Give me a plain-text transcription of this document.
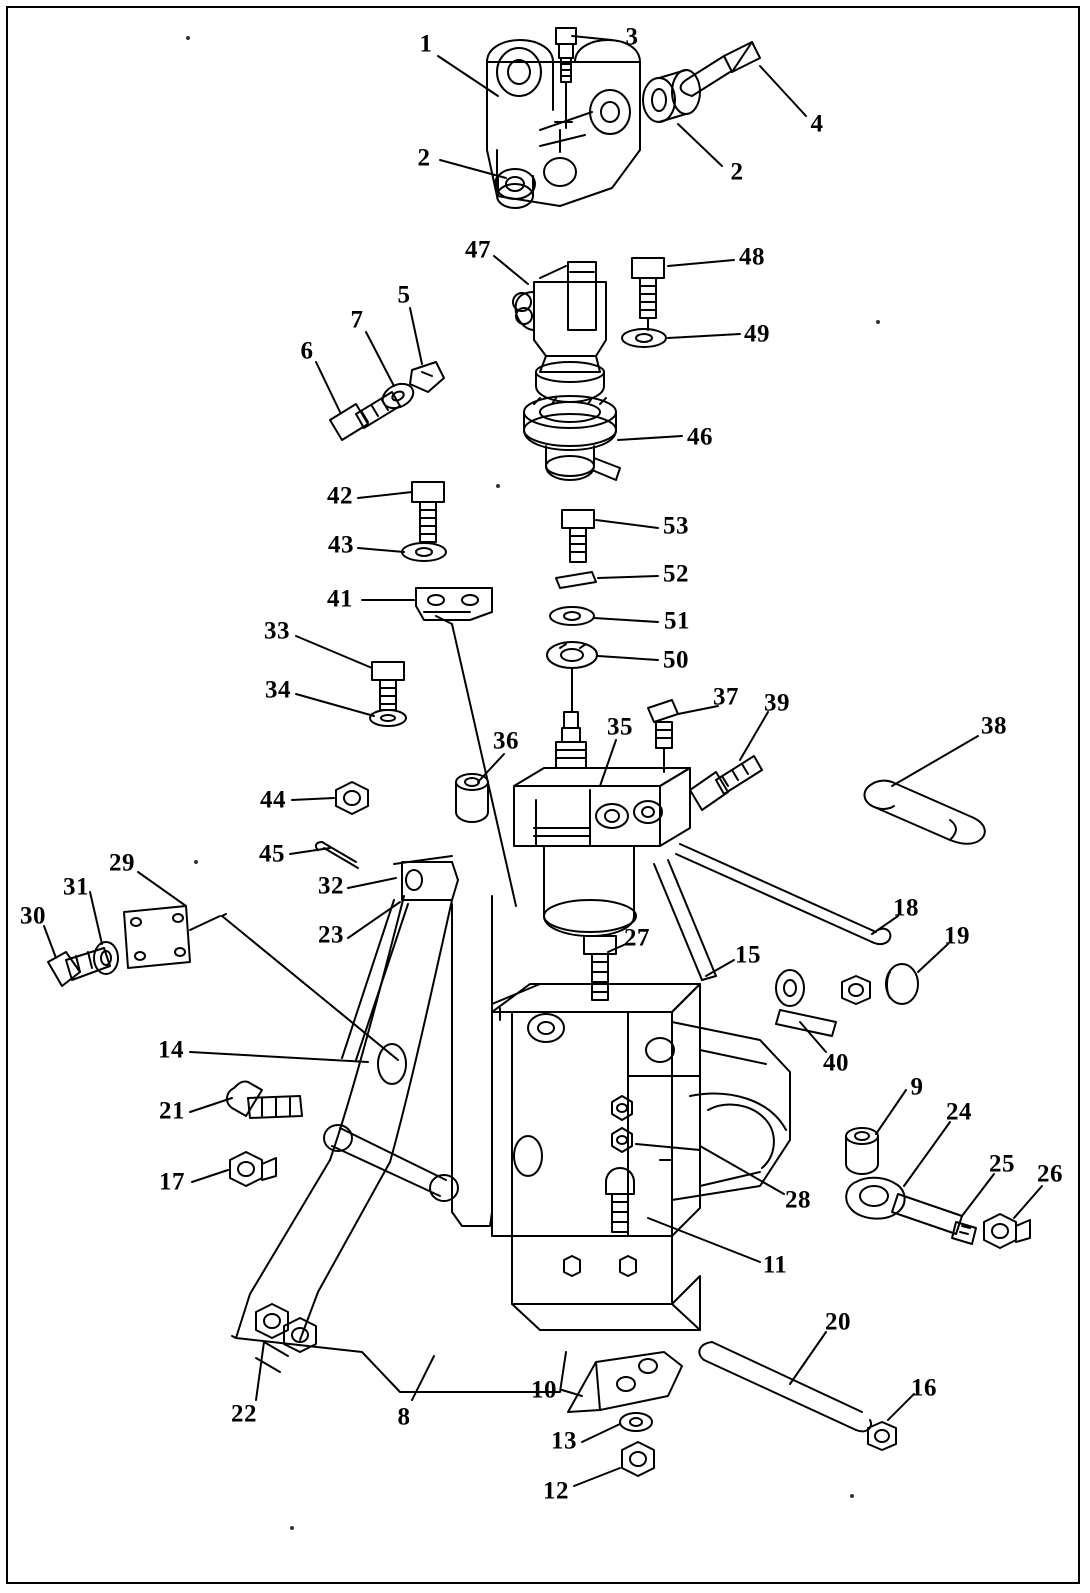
1	3
4
2
2
47	48
5
49
7
6
46
42
53
43
52
41
51
33
50
37
34	39
38
36
35
44
45
32
29
31
30	18
19
23	27
15
40
14
21
9
24
25
17	26
28
11
20
22	8
16
10
13
12
